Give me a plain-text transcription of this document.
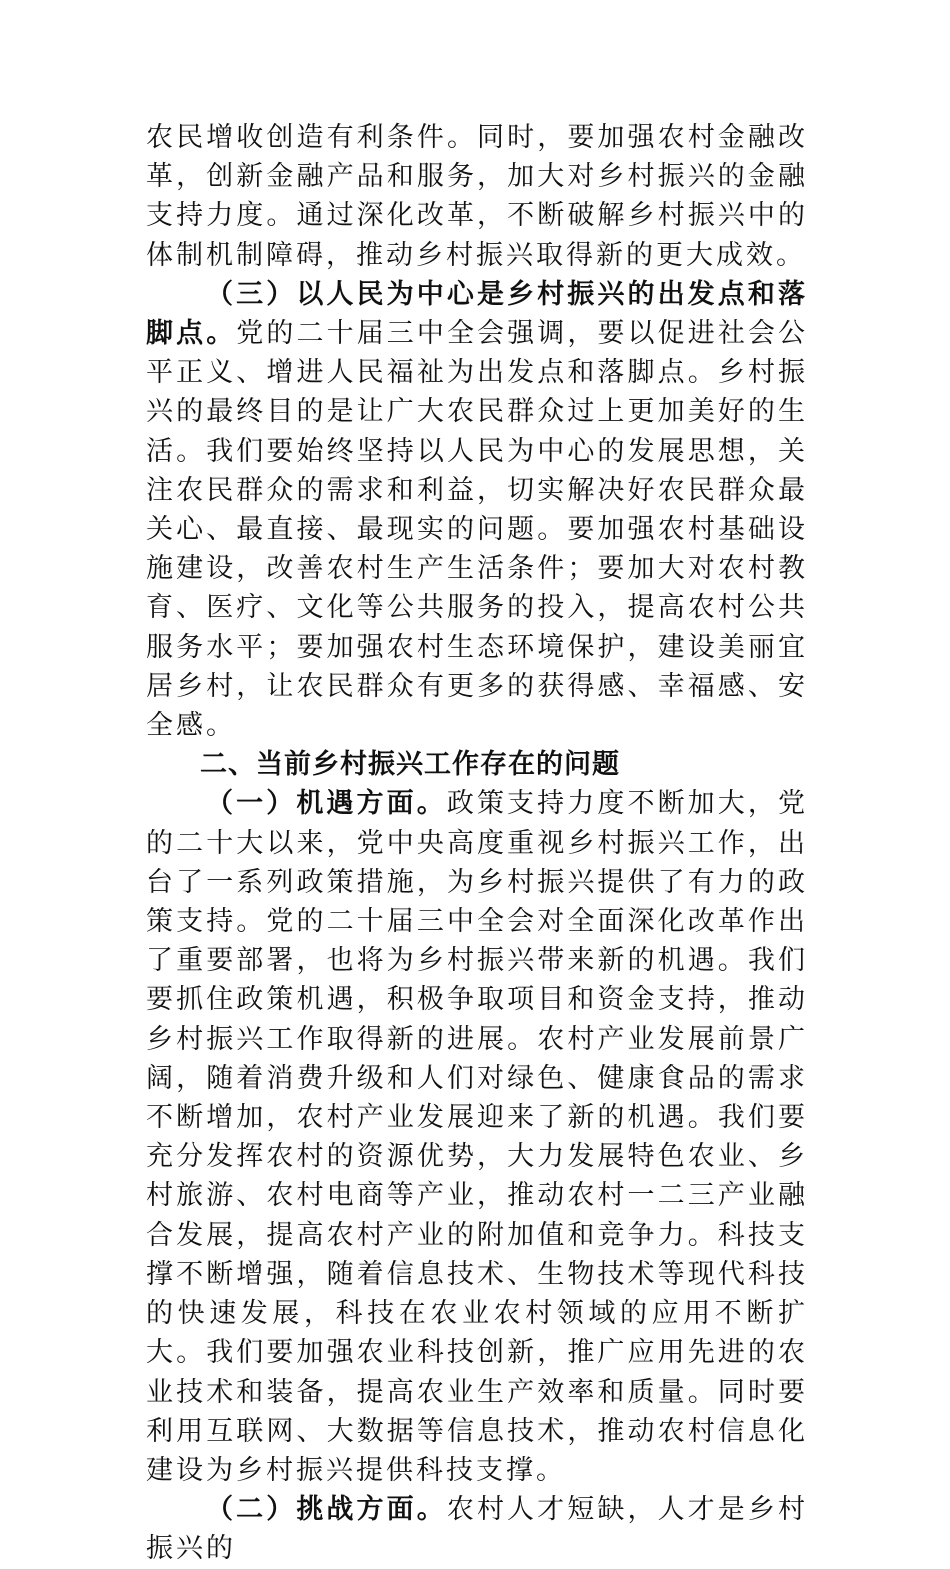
农民增收创造有利条件。同时，要加强农村金融改革，创新金融产品和服务，加大对乡村振兴的金融支持力度。通过深化改革，不断破解乡村振兴中的体制机制障碍，推动乡村振兴取得新的更大成效。

（三）以人民为中心是乡村振兴的出发点和落脚点。党的二十届三中全会强调，要以促进社会公平正义、增进人民福祉为出发点和落脚点。乡村振兴的最终目的是让广大农民群众过上更加美好的生活。我们要始终坚持以人民为中心的发展思想，关注农民群众的需求和利益，切实解决好农民群众最关心、最直接、最现实的问题。要加强农村基础设施建设，改善农村生产生活条件；要加大对农村教育、医疗、文化等公共服务的投入，提高农村公共服务水平；要加强农村生态环境保护，建设美丽宜居乡村，让农民群众有更多的获得感、幸福感、安全感。

二、当前乡村振兴工作存在的问题

（一）机遇方面。政策支持力度不断加大，党的二十大以来，党中央高度重视乡村振兴工作，出台了一系列政策措施，为乡村振兴提供了有力的政策支持。党的二十届三中全会对全面深化改革作出了重要部署，也将为乡村振兴带来新的机遇。我们要抓住政策机遇，积极争取项目和资金支持，推动乡村振兴工作取得新的进展。农村产业发展前景广阔，随着消费升级和人们对绿色、健康食品的需求不断增加，农村产业发展迎来了新的机遇。我们要充分发挥农村的资源优势，大力发展特色农业、乡村旅游、农村电商等产业，推动农村一二三产业融合发展，提高农村产业的附加值和竞争力。科技支撑不断增强，随着信息技术、生物技术等现代科技的快速发展，科技在农业农村领域的应用不断扩大。我们要加强农业科技创新，推广应用先进的农业技术和装备，提高农业生产效率和质量。同时要利用互联网、大数据等信息技术，推动农村信息化建设为乡村振兴提供科技支撑。

（二）挑战方面。农村人才短缺，人才是乡村振兴的
